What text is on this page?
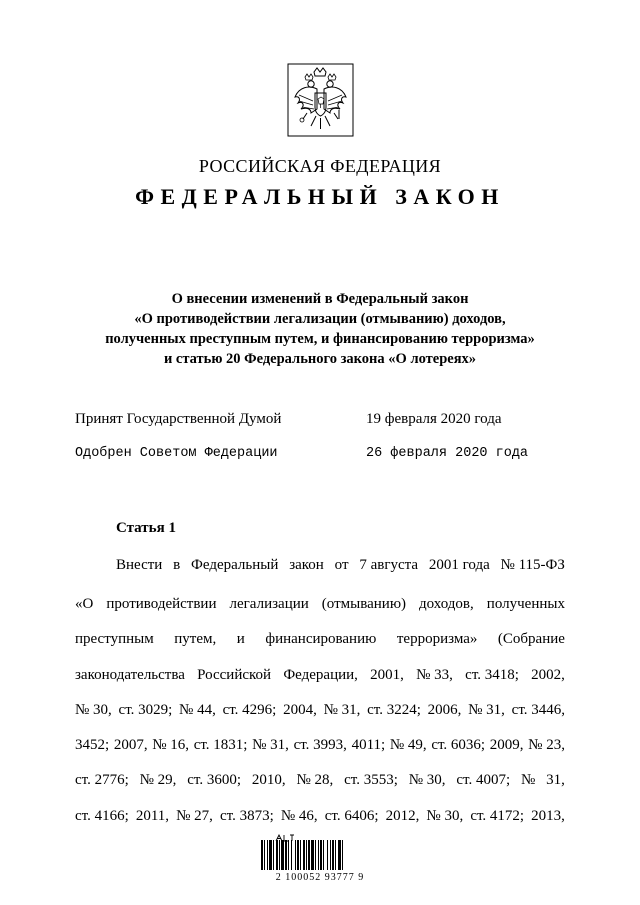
РОССИЙСКАЯ ФЕДЕРАЦИЯ
ФЕДЕРАЛЬНЫЙ ЗАКОН
О внесении изменений в Федеральный закон
«О противодействии легализации (отмыванию) доходов,
полученных преступным путем, и финансированию терроризма»
и статью 20 Федерального закона «О лотереях»
Принят Государственной Думой	19 февраля 2020 года
Одобрен Советом Федерации	26 февраля 2020 года
Статья 1
Внести в Федеральный закон от 7 августа 2001 года № 115-ФЗ
«О противодействии легализации (отмыванию) доходов, полученных
преступным путем, и финансированию терроризма» (Собрание
законодательства Российской Федерации, 2001, № 33, ст. 3418; 2002,
№ 30, ст. 3029; № 44, ст. 4296; 2004, № 31, ст. 3224; 2006, № 31, ст. 3446,
3452; 2007, № 16, ст. 1831; № 31, ст. 3993, 4011; № 49, ст. 6036; 2009, № 23,
ст. 2776; № 29, ст. 3600; 2010, № 28, ст. 3553; № 30, ст. 4007; № 31,
ст. 4166; 2011, № 27, ст. 3873; № 46, ст. 6406; 2012, № 30, ст. 4172; 2013,
2 100052 93777 9
